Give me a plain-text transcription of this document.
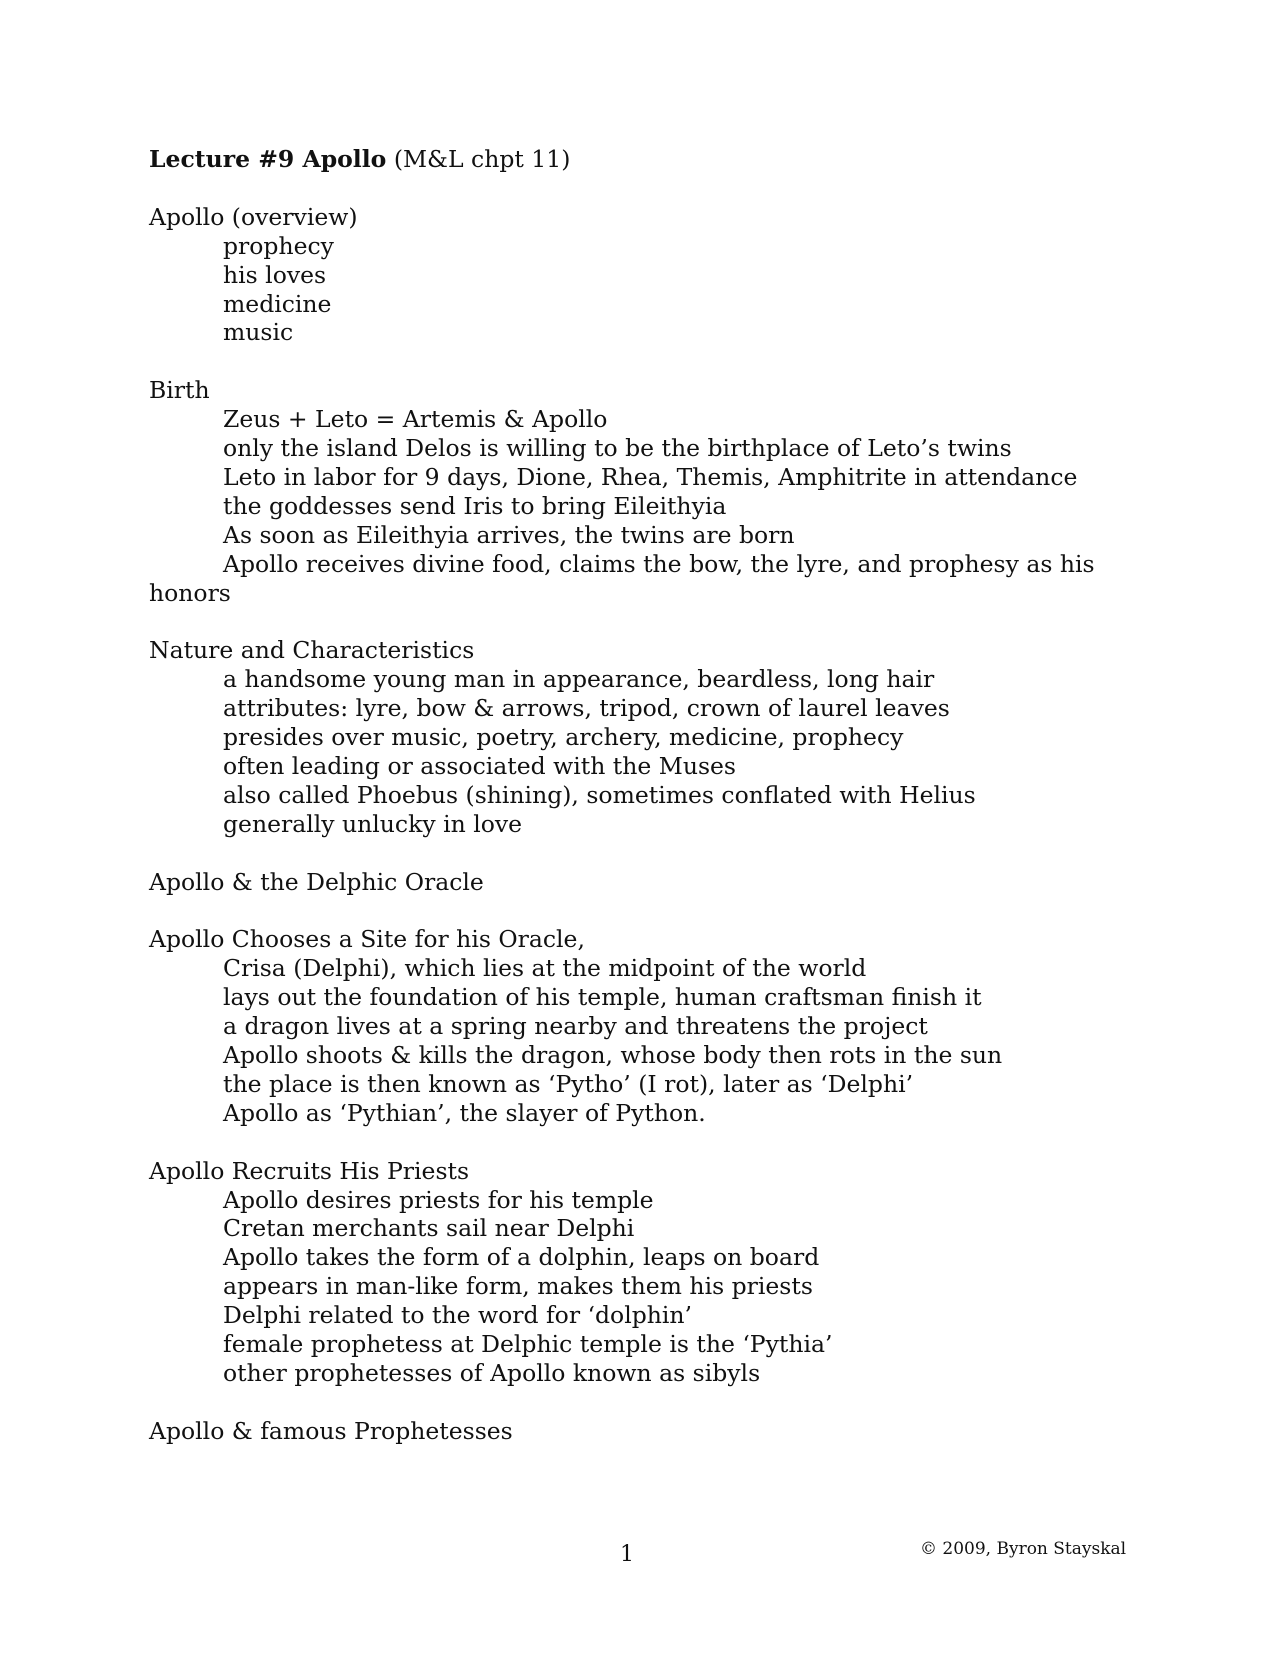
Lecture #9 Apollo (M&L chpt 11)
Apollo (overview)
prophecy
his loves
medicine
music
Birth
Zeus + Leto = Artemis & Apollo
only the island Delos is willing to be the birthplace of Leto’s twins
Leto in labor for 9 days, Dione, Rhea, Themis, Amphitrite in attendance
the goddesses send Iris to bring Eileithyia
As soon as Eileithyia arrives, the twins are born
Apollo receives divine food, claims the bow, the lyre, and prophesy as his honors
Nature and Characteristics
a handsome young man in appearance, beardless, long hair
attributes: lyre, bow & arrows, tripod, crown of laurel leaves
presides over music, poetry, archery, medicine, prophecy
often leading or associated with the Muses
also called Phoebus (shining), sometimes conflated with Helius
generally unlucky in love
Apollo & the Delphic Oracle
Apollo Chooses a Site for his Oracle,
Crisa (Delphi), which lies at the midpoint of the world
lays out the foundation of his temple, human craftsman finish it
a dragon lives at a spring nearby and threatens the project
Apollo shoots & kills the dragon, whose body then rots in the sun
the place is then known as ‘Pytho’ (I rot), later as ‘Delphi’
Apollo as ‘Pythian’, the slayer of Python.
Apollo Recruits His Priests
Apollo desires priests for his temple
Cretan merchants sail near Delphi
Apollo takes the form of a dolphin, leaps on board
appears in man-like form, makes them his priests
Delphi related to the word for ‘dolphin’
female prophetess at Delphic temple is the ‘Pythia’
other prophetesses of Apollo known as sibyls
Apollo & famous Prophetesses
1	© 2009, Byron Stayskal
